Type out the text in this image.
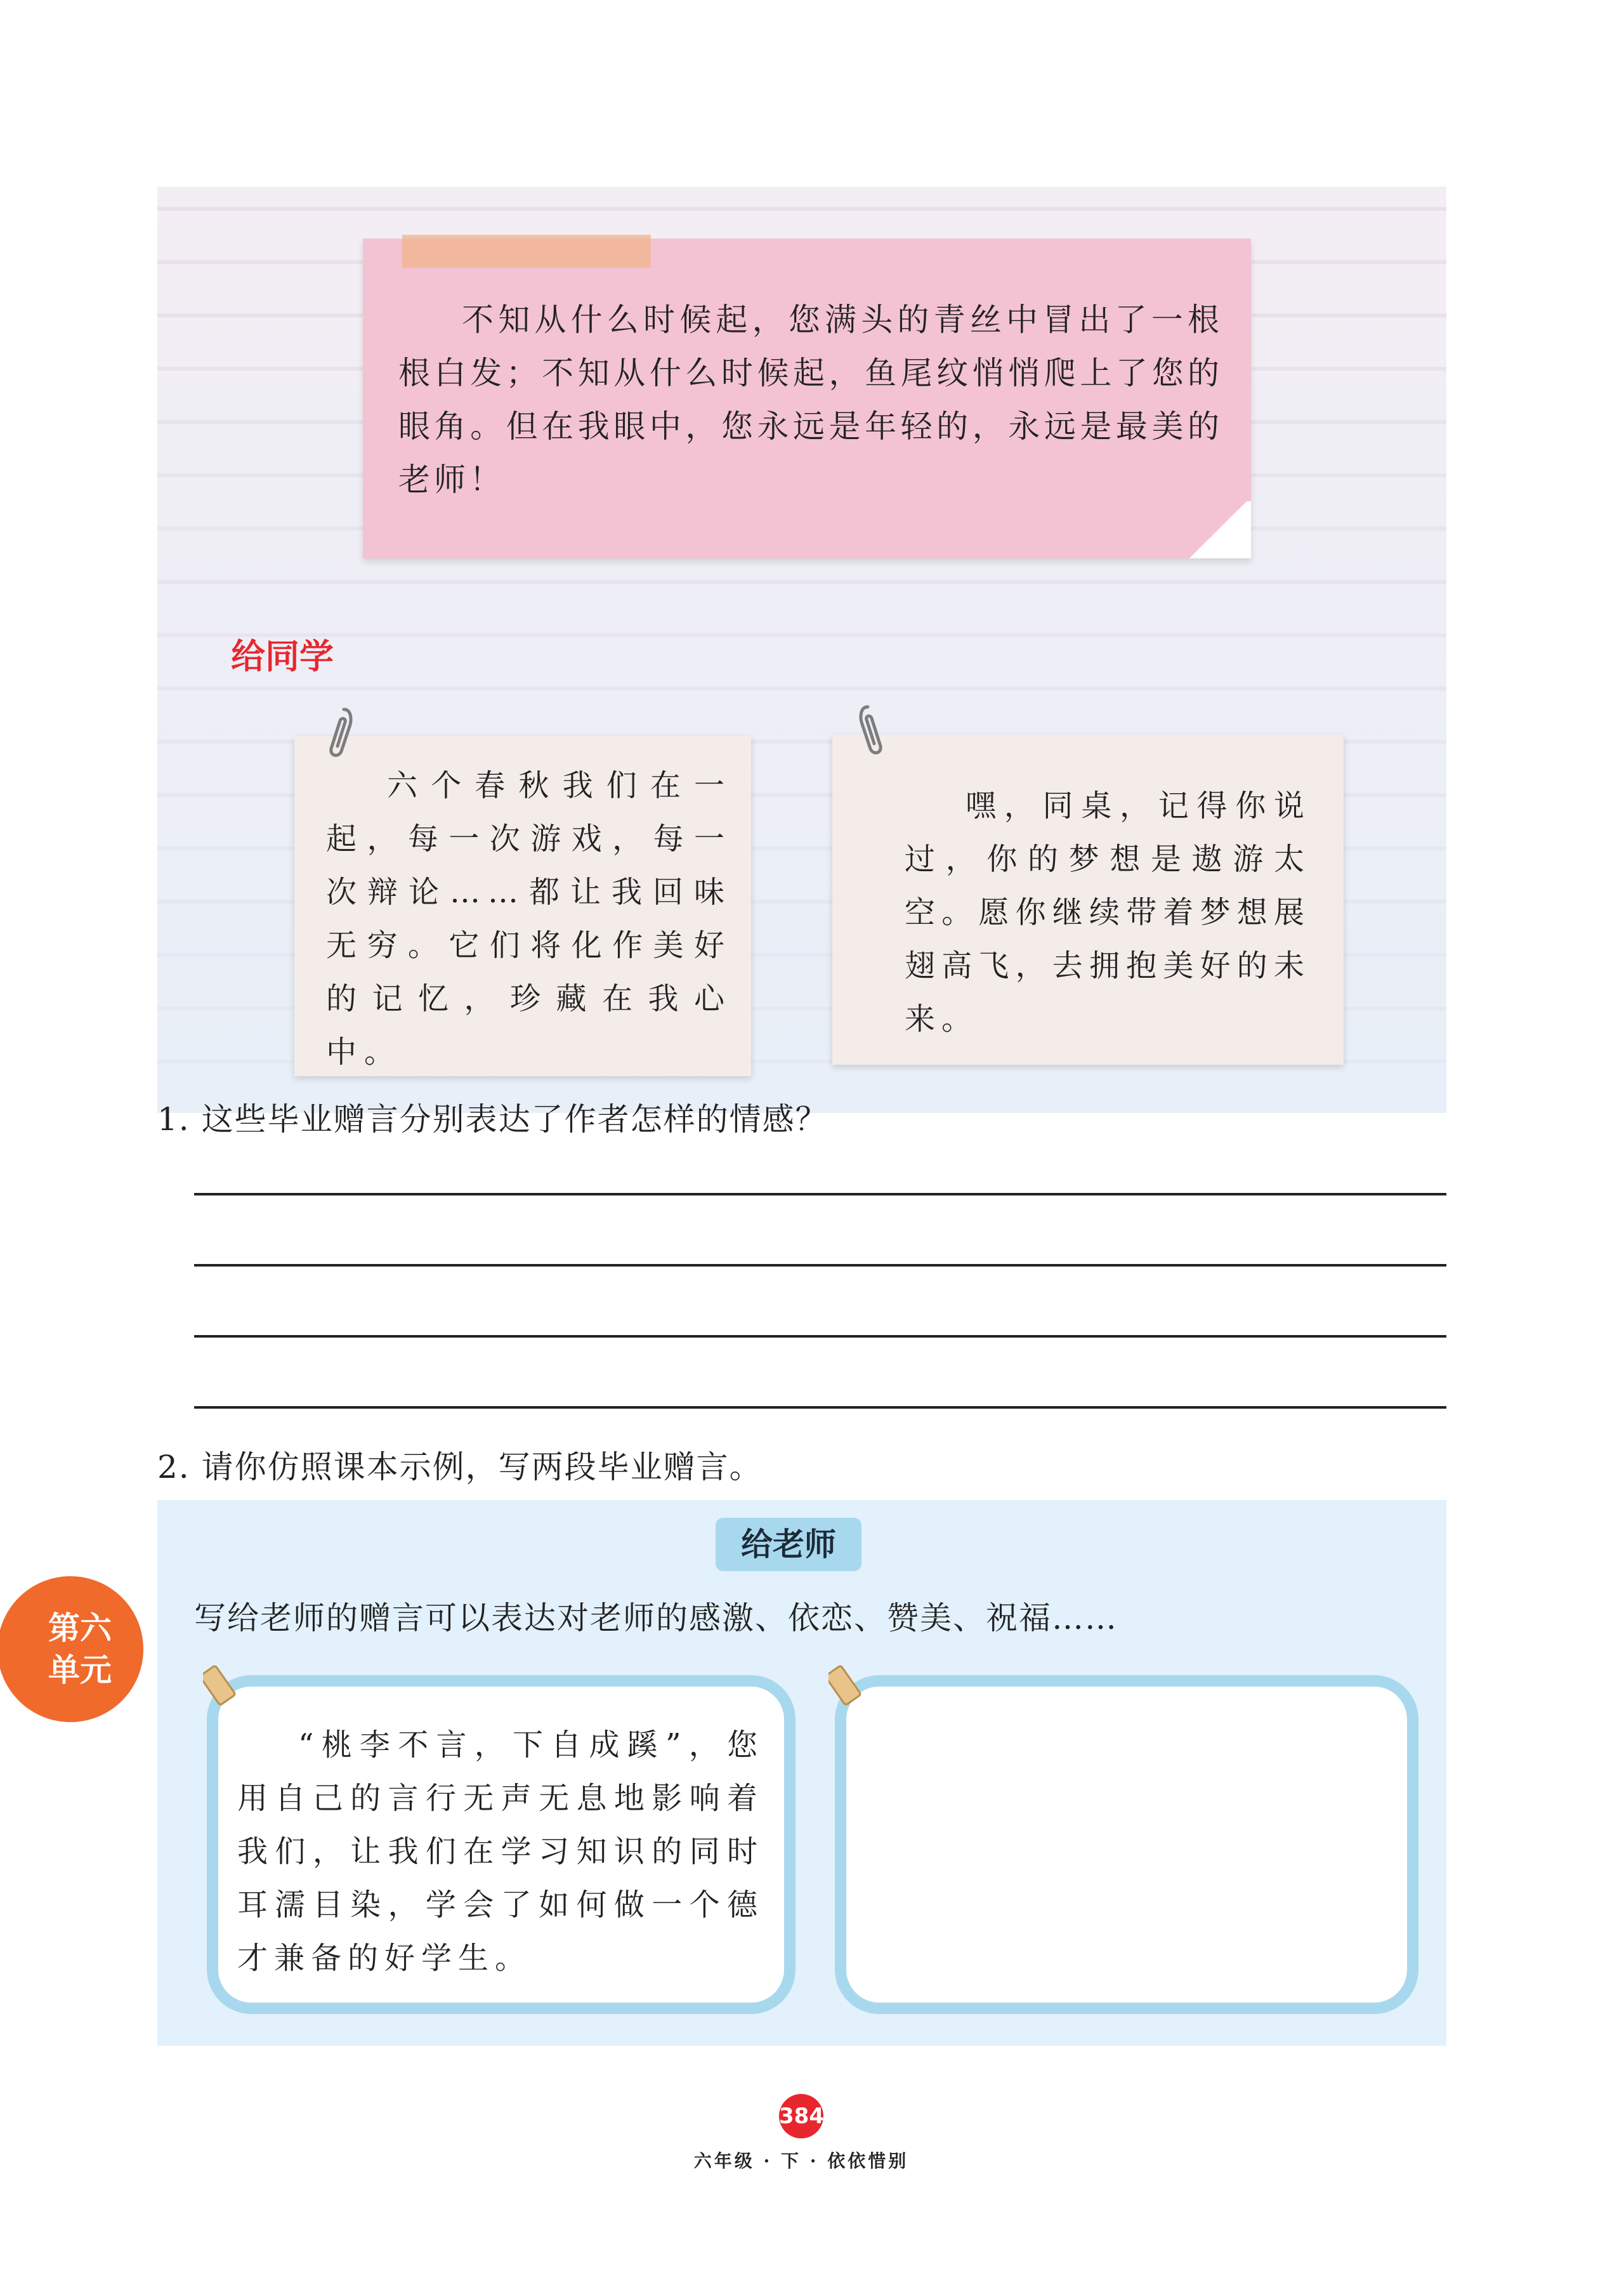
不知从什么时候起，您满头的青丝中冒出了一根根白发；不知从什么时候起，鱼尾纹悄悄爬上了您的眼角。但在我眼中，您永远是年轻的，永远是最美的老师！

给同学

六个春秋我们在一起，每一次游戏，每一次辩论……都让我回味无穷。它们将化作美好的记忆，珍藏在我心中。

嘿，同桌，记得你说过，你的梦想是遨游太空。愿你继续带着梦想展翅高飞，去拥抱美好的未来。

1. 这些毕业赠言分别表达了作者怎样的情感？
2. 请你仿照课本示例，写两段毕业赠言。
给老师
写给老师的赠言可以表达对老师的感激、依恋、赞美、祝福……

“桃李不言，下自成蹊”，您用自己的言行无声无息地影响着我们，让我们在学习知识的同时耳濡目染，学会了如何做一个德才兼备的好学生。

第六
单元
384
六年级 · 下 · 依依惜别
